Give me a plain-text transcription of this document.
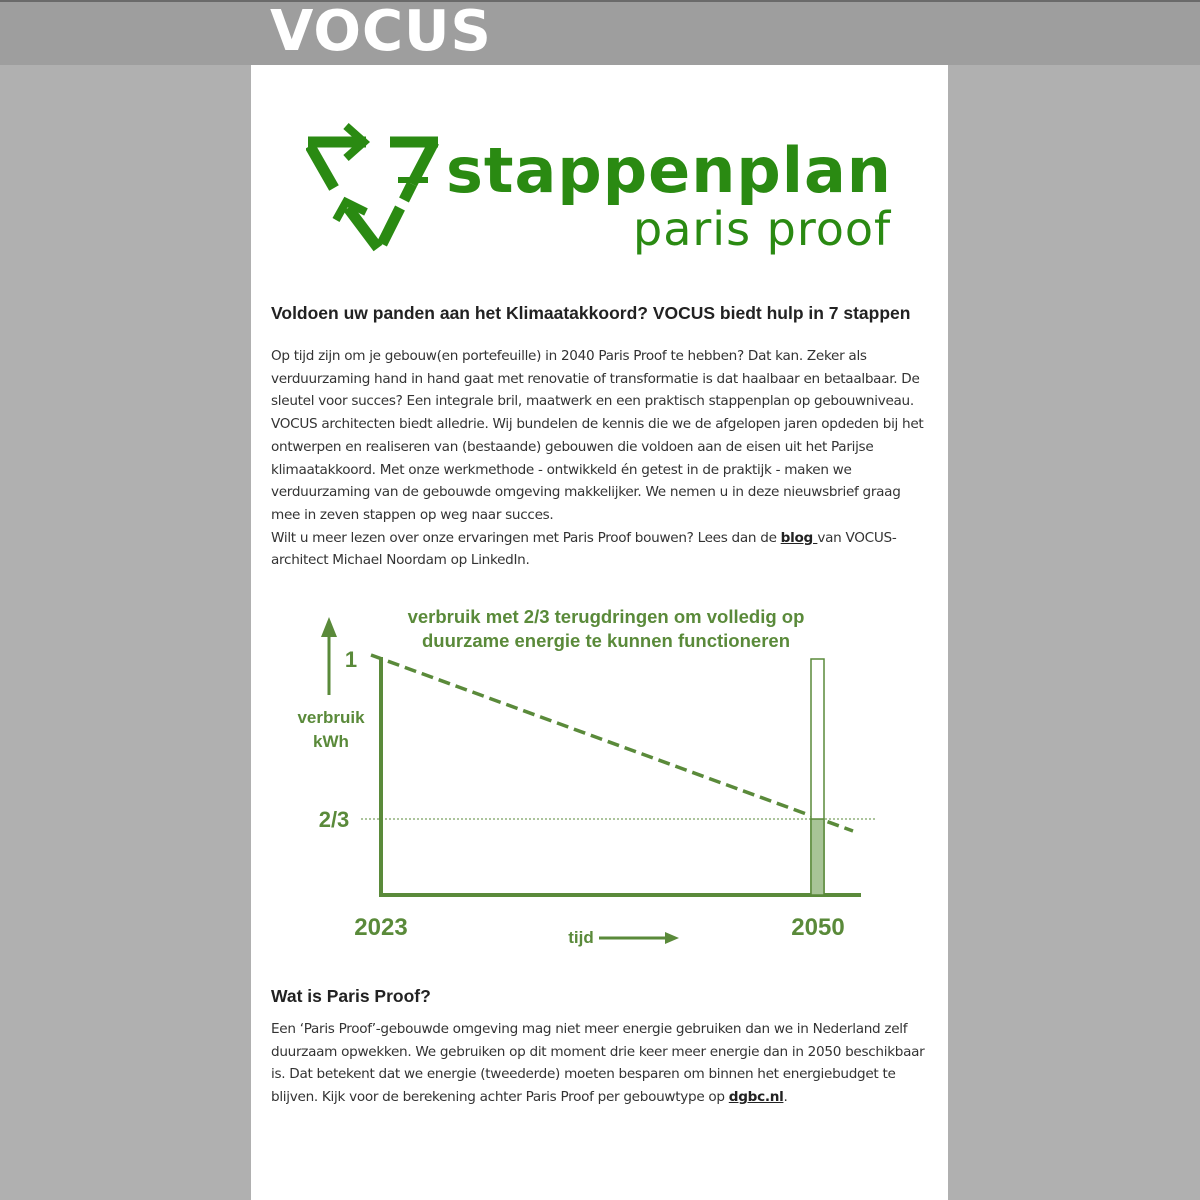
VOCUS
stappenplan
paris proof
Voldoen uw panden aan het Klimaatakkoord? VOCUS biedt hulp in 7 stappen

Op tijd zijn om je gebouw(en portefeuille) in 2040 Paris Proof te hebben? Dat kan. Zeker als verduurzaming hand in hand gaat met renovatie of transformatie is dat haalbaar en betaalbaar. De sleutel voor succes? Een integrale bril, maatwerk en een praktisch stappenplan op gebouwniveau. VOCUS architecten biedt alledrie. Wij bundelen de kennis die we de afgelopen jaren opdeden bij het ontwerpen en realiseren van (bestaande) gebouwen die voldoen aan de eisen uit het Parijse klimaatakkoord. Met onze werkmethode - ontwikkeld én getest in de praktijk - maken we verduurzaming van de gebouwde omgeving makkelijker. We nemen u in deze nieuwsbrief graag mee in zeven stappen op weg naar succes.
Wilt u meer lezen over onze ervaringen met Paris Proof bouwen? Lees dan de blog van VOCUS-architect Michael Noordam op LinkedIn.

verbruik met 2/3 terugdringen om volledig op
duurzame energie te kunnen functioneren
1
verbruik
kWh
2/3
2023	2050
tijd
Wat is Paris Proof?

Een ‘Paris Proof’-gebouwde omgeving mag niet meer energie gebruiken dan we in Nederland zelf duurzaam opwekken. We gebruiken op dit moment drie keer meer energie dan in 2050 beschikbaar is. Dat betekent dat we energie (tweederde) moeten besparen om binnen het energiebudget te blijven. Kijk voor de berekening achter Paris Proof per gebouwtype op dgbc.nl.
